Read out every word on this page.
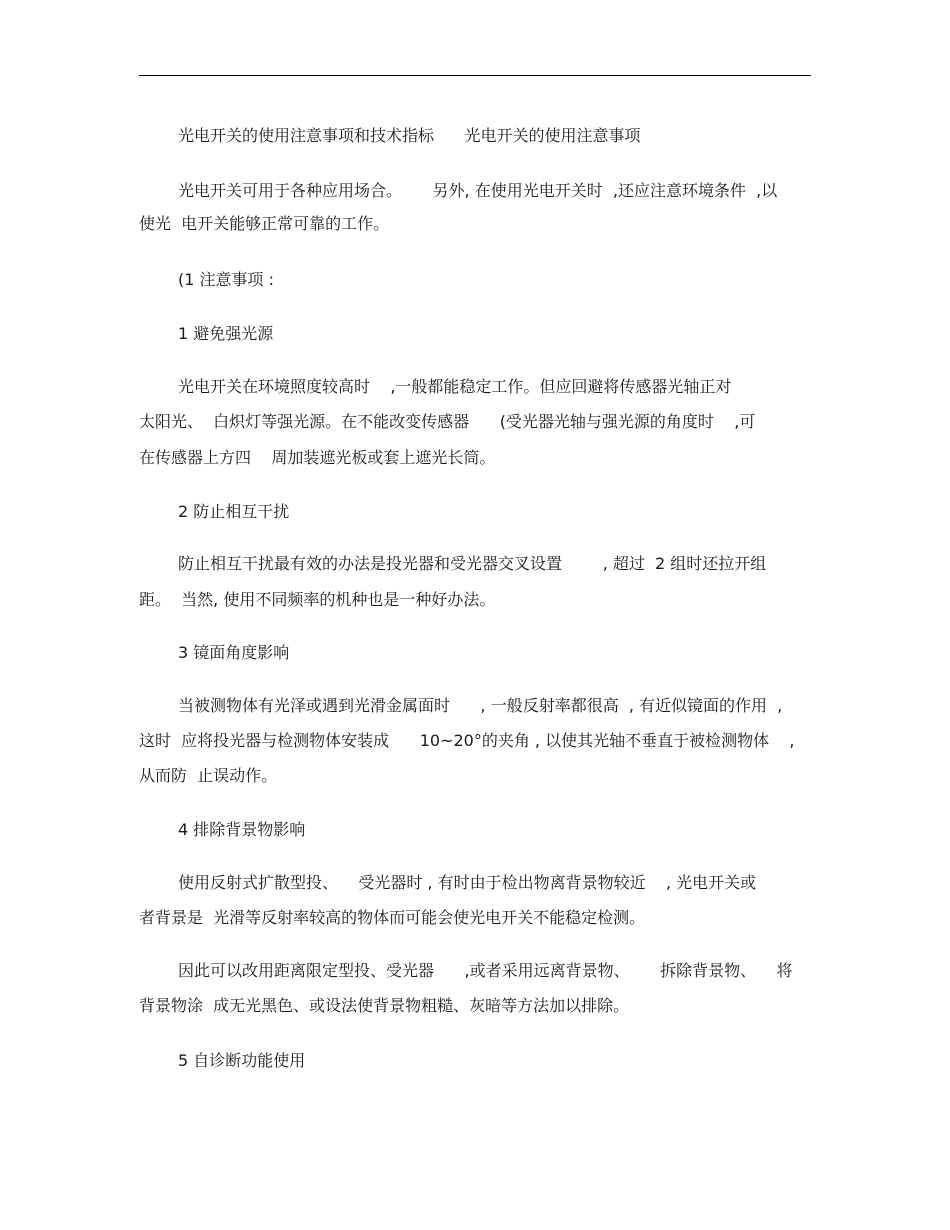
光电开关的使用注意事项和技术指标      光电开关的使用注意事项

光电开关可用于各种应用场合。      另外, 在使用光电开关时  ,还应注意环境条件  ,以

使光  电开关能够正常可靠的工作。

(1 注意事项 :

1 避免强光源

光电开关在环境照度较高时    ,一般都能稳定工作。但应回避将传感器光轴正对

太阳光、  白炽灯等强光源。在不能改变传感器      (受光器光轴与强光源的角度时    ,可

在传感器上方四    周加装遮光板或套上遮光长筒。

2 防止相互干扰

防止相互干扰最有效的办法是投光器和受光器交叉设置        , 超过  2 组时还拉开组

距。  当然, 使用不同频率的机种也是一种好办法。

3 镜面角度影响

当被测物体有光泽或遇到光滑金属面时      , 一般反射率都很高  , 有近似镜面的作用  ,

这时  应将投光器与检测物体安装成      10~20°的夹角 , 以使其光轴不垂直于被检测物体    ,

从而防  止误动作。

4 排除背景物影响

使用反射式扩散型投、    受光器时 , 有时由于检出物离背景物较近    , 光电开关或

者背景是  光滑等反射率较高的物体而可能会使光电开关不能稳定检测。

因此可以改用距离限定型投、受光器      ,或者采用远离背景物、      拆除背景物、    将

背景物涂  成无光黑色、或设法使背景物粗糙、灰暗等方法加以排除。

5 自诊断功能使用
